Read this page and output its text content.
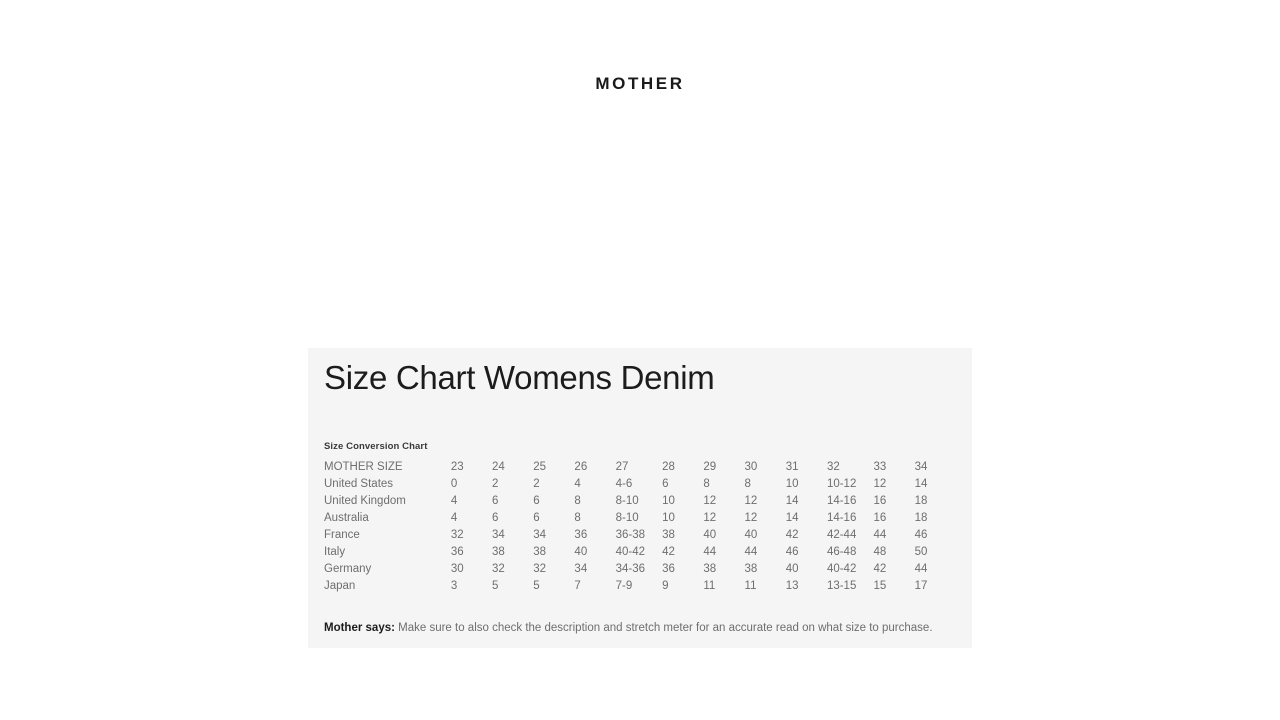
MOTHER
Size Chart Womens Denim
Size Conversion Chart
MOTHER SIZE	23	24	25	26	27	28	29	30	31	32	33	34
United States	0	2	2	4	4-6	6	8	8	10	10-12	12	14
United Kingdom	4	6	6	8	8-10	10	12	12	14	14-16	16	18
Australia	4	6	6	8	8-10	10	12	12	14	14-16	16	18
France	32	34	34	36	36-38	38	40	40	42	42-44	44	46
Italy	36	38	38	40	40-42	42	44	44	46	46-48	48	50
Germany	30	32	32	34	34-36	36	38	38	40	40-42	42	44
Japan	3	5	5	7	7-9	9	11	11	13	13-15	15	17
Mother says: Make sure to also check the description and stretch meter for an accurate read on what size to purchase.
